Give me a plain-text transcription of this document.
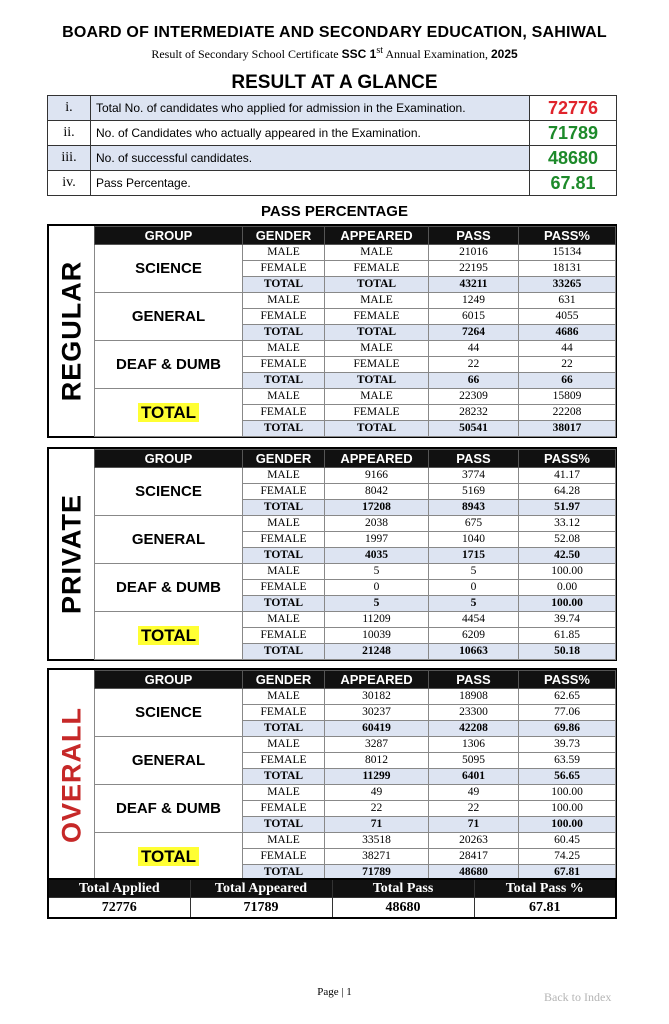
BOARD OF INTERMEDIATE AND SECONDARY EDUCATION, SAHIWAL
Result of Secondary School Certificate SSC 1st Annual Examination, 2025
RESULT AT A GLANCE
i.	Total No. of candidates who applied for admission in the Examination.	72776
ii.	No. of Candidates who actually appeared in the Examination.	71789
iii.	No. of successful candidates.	48680
iv.	Pass Percentage.	67.81
PASS PERCENTAGE
REGULAR
GROUP	GENDER	APPEARED	PASS	PASS%
SCIENCE	MALE	MALE	21016	15134
	FEMALE	FEMALE	22195	18131
	TOTAL	TOTAL	43211	33265
GENERAL	MALE	MALE	1249	631
	FEMALE	FEMALE	6015	4055
	TOTAL	TOTAL	7264	4686
DEAF & DUMB	MALE	MALE	44	44
	FEMALE	FEMALE	22	22
	TOTAL	TOTAL	66	66
TOTAL	MALE	MALE	22309	15809
	FEMALE	FEMALE	28232	22208
	TOTAL	TOTAL	50541	38017
PRIVATE
GROUP	GENDER	APPEARED	PASS	PASS%
SCIENCE	MALE	9166	3774	41.17
	FEMALE	8042	5169	64.28
	TOTAL	17208	8943	51.97
GENERAL	MALE	2038	675	33.12
	FEMALE	1997	1040	52.08
	TOTAL	4035	1715	42.50
DEAF & DUMB	MALE	5	5	100.00
	FEMALE	0	0	0.00
	TOTAL	5	5	100.00
TOTAL	MALE	11209	4454	39.74
	FEMALE	10039	6209	61.85
	TOTAL	21248	10663	50.18
OVERALL
GROUP	GENDER	APPEARED	PASS	PASS%
SCIENCE	MALE	30182	18908	62.65
	FEMALE	30237	23300	77.06
	TOTAL	60419	42208	69.86
GENERAL	MALE	3287	1306	39.73
	FEMALE	8012	5095	63.59
	TOTAL	11299	6401	56.65
DEAF & DUMB	MALE	49	49	100.00
	FEMALE	22	22	100.00
	TOTAL	71	71	100.00
TOTAL	MALE	33518	20263	60.45
	FEMALE	38271	28417	74.25
	TOTAL	71789	48680	67.81
Total Applied	Total Appeared	Total Pass	Total Pass %
72776	71789	48680	67.81
Page | 1	Back to Index
